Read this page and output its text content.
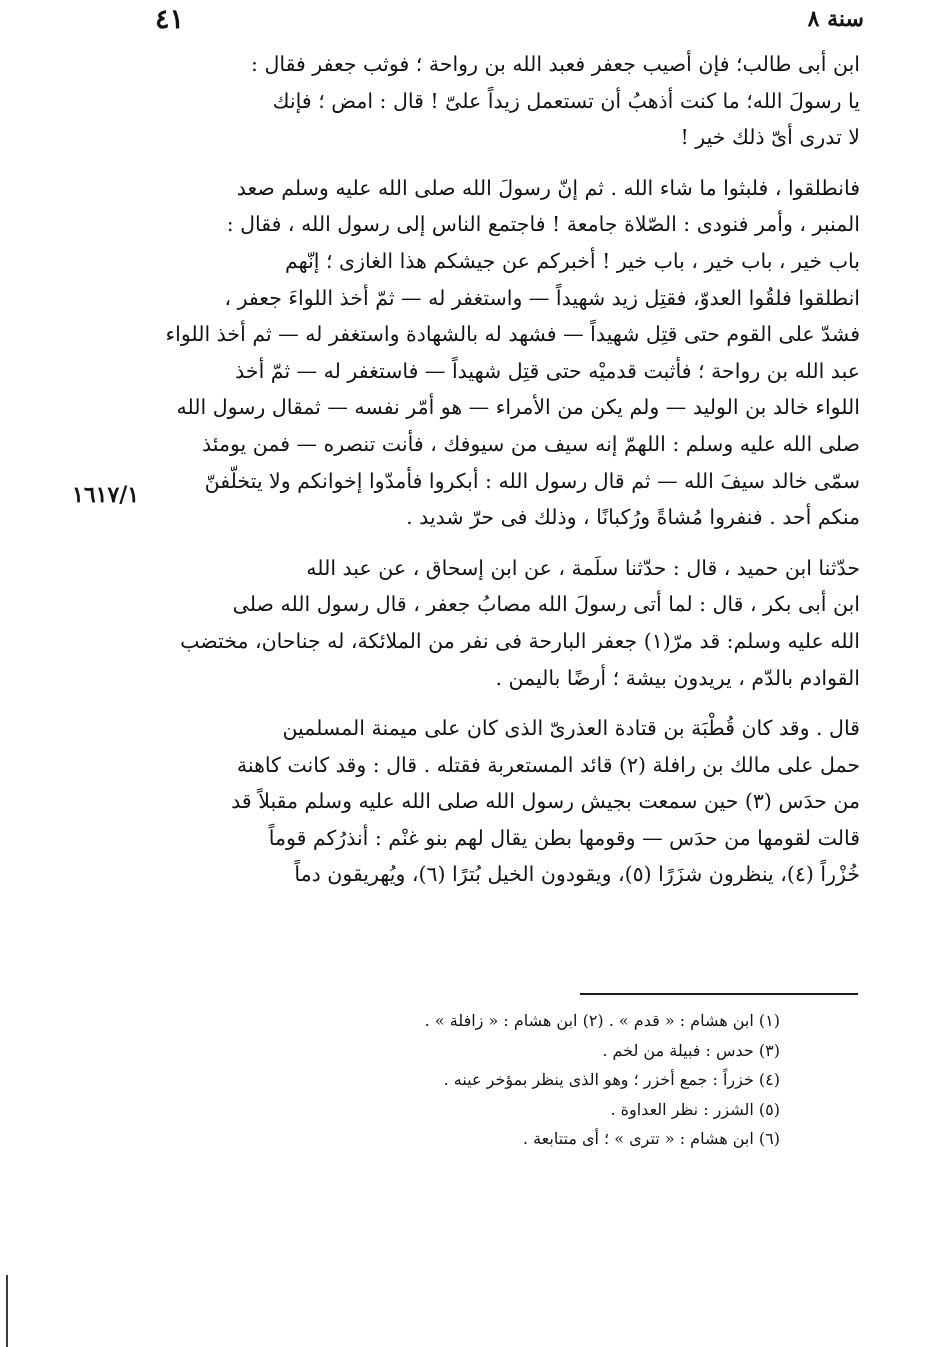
٤١	سنة ٨
١٦١٧/١
ابن أبى طالب؛ فإن أصيب جعفر فعبد الله بن رواحة ؛ فوثب جعفر فقال :
يا رسولَ الله؛ ما كنت أذهبُ أن تستعمل زيداً علىّ ! قال : امض ؛ فإنك
لا تدرى أىّ ذلك خير !
فانطلقوا ، فلبثوا ما شاء الله . ثم إنّ رسولَ الله صلى الله عليه وسلم صعد
المنبر ، وأمر فنودى : الصّلاة جامعة ! فاجتمع الناس إلى رسول الله ، فقال :
باب خير ، باب خير ، باب خير ! أخبركم عن جيشكم هذا الغازى ؛ إنّهم
انطلقوا فلقُوا العدوّ، فقتِل زيد شهيداً — واستغفر له — ثمّ أخذ اللواءَ جعفر ،
فشدّ على القوم حتى قتِل شهيداً — فشهد له بالشهادة واستغفر له — ثم أخذ اللواء
عبد الله بن رواحة ؛ فأثبت قدميْه حتى قتِل شهيداً — فاستغفر له — ثمّ أخذ
اللواء خالد بن الوليد — ولم يكن من الأمراء — هو أمّر نفسه — ثمقال رسول الله
صلى الله عليه وسلم : اللهمّ إنه سيف من سيوفك ، فأنت تنصره — فمن يومئذ
سمّى خالد سيفَ الله — ثم قال رسول الله : أبكروا فأمدّوا إخوانكم ولا يتخلّفنّ
منكم أحد . فنفروا مُشاةً ورُكبانًا ، وذلك فى حرّ شديد .
حدّثنا ابن حميد ، قال : حدّثنا سلَمة ، عن ابن إسحاق ، عن عبد الله
ابن أبى بكر ، قال : لما أتى رسولَ الله مصابُ جعفر ، قال رسول الله صلى
الله عليه وسلم: قد مرّ(١) جعفر البارحة فى نفر من الملائكة، له جناحان، مختضب
القوادم بالدّم ، يريدون بيشة ؛ أرضًا باليمن .
قال . وقد كان قُطْبَة بن قتادة العذرىّ الذى كان على ميمنة المسلمين
حمل على مالك بن رافلة (٢) قائد المستعربة فقتله . قال : وقد كانت كاهنة
من حدَس (٣) حين سمعت بجيش رسول الله صلى الله عليه وسلم مقبلاً قد
قالت لقومها من حدَس — وقومها بطن يقال لهم بنو غنْم : أنذرُكم قوماً
خُزْراً (٤)، ينظرون شزَرًا (٥)، ويقودون الخيل بُترًا (٦)، ويُهريقون دماً
(١) ابن هشام : « قدم » . (٢) ابن هشام : « زافلة » .
(٣) حدس : فبيلة من لخم .
(٤) خزراً : جمع أخزر ؛ وهو الذى ينظر بمؤخر عينه .
(٥) الشزر : نظر العداوة .
(٦) ابن هشام : « تترى » ؛ أى متتابعة .
